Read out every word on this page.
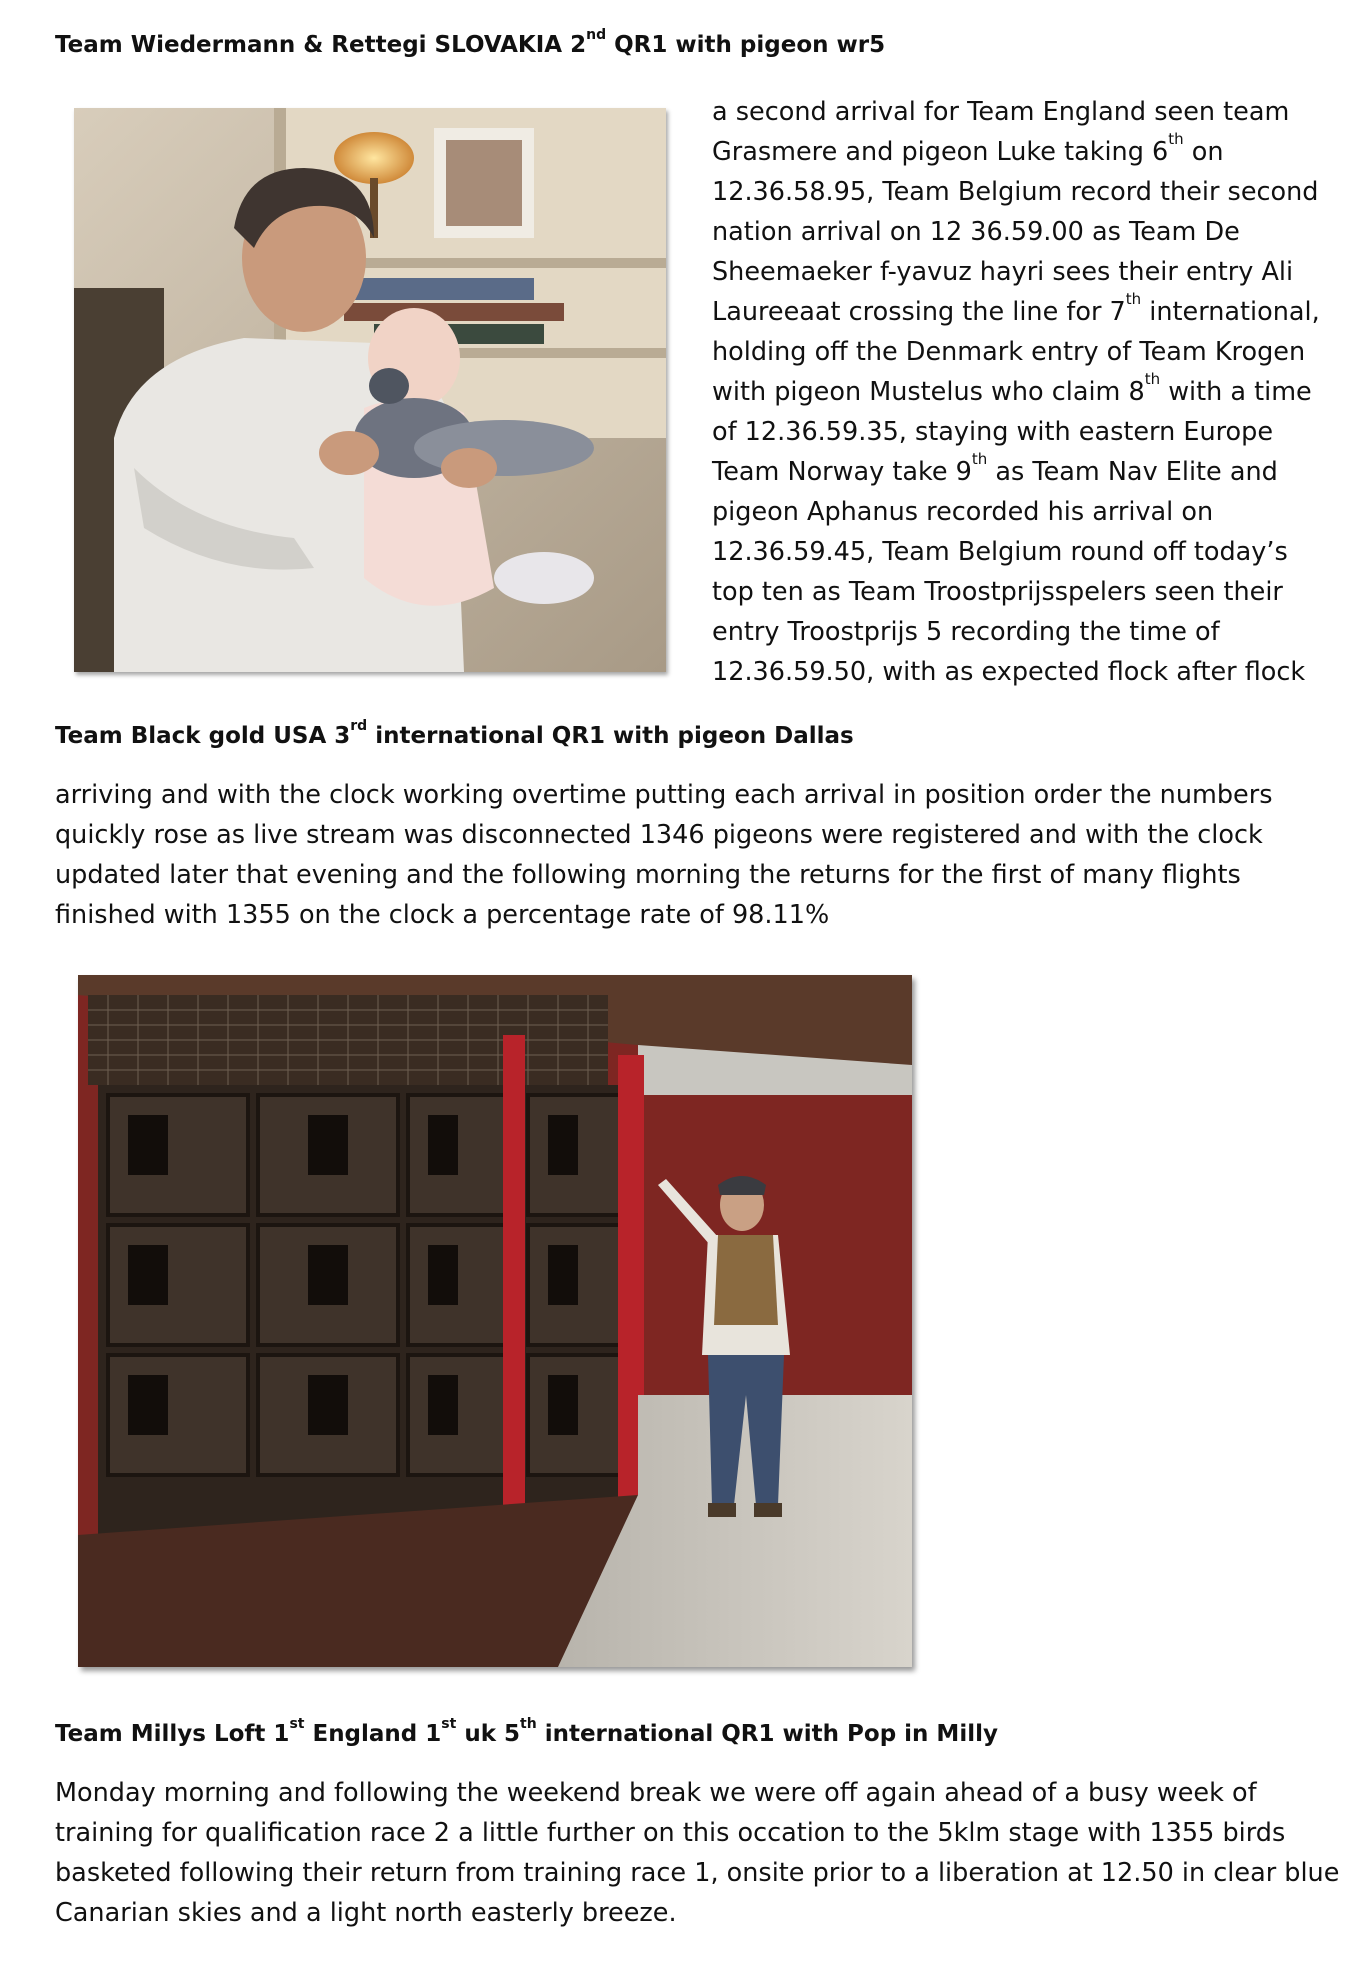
Team Wiedermann & Rettegi SLOVAKIA 2nd QR1 with pigeon wr5
a second arrival for Team England seen team
Grasmere and pigeon Luke taking 6th on
12.36.58.95, Team Belgium record their second
nation arrival on 12 36.59.00 as Team De
Sheemaeker f-yavuz hayri sees their entry Ali
Laureeaat crossing the line for 7th international,
holding off the Denmark entry of Team Krogen
with pigeon Mustelus who claim 8th with a time
of 12.36.59.35, staying with eastern Europe
Team Norway take 9th as Team Nav Elite and
pigeon Aphanus recorded his arrival on
12.36.59.45, Team Belgium round off today’s
top ten as Team Troostprijsspelers seen their
entry Troostprijs 5 recording the time of
12.36.59.50, with as expected flock after flock
Team Black gold USA 3rd international QR1 with pigeon Dallas
arriving and with the clock working overtime putting each arrival in position order the numbers
quickly rose as live stream was disconnected 1346 pigeons were registered and with the clock
updated later that evening and the following morning the returns for the first of many flights
finished with 1355 on the clock a percentage rate of 98.11%
Team Millys Loft 1st England 1st uk 5th international QR1 with Pop in Milly
Monday morning and following the weekend break we were off again ahead of a busy week of
training for qualification race 2 a little further on this occation to the 5klm stage with 1355 birds
basketed following their return from training race 1, onsite prior to a liberation at 12.50 in clear blue
Canarian skies and a light north easterly breeze.
